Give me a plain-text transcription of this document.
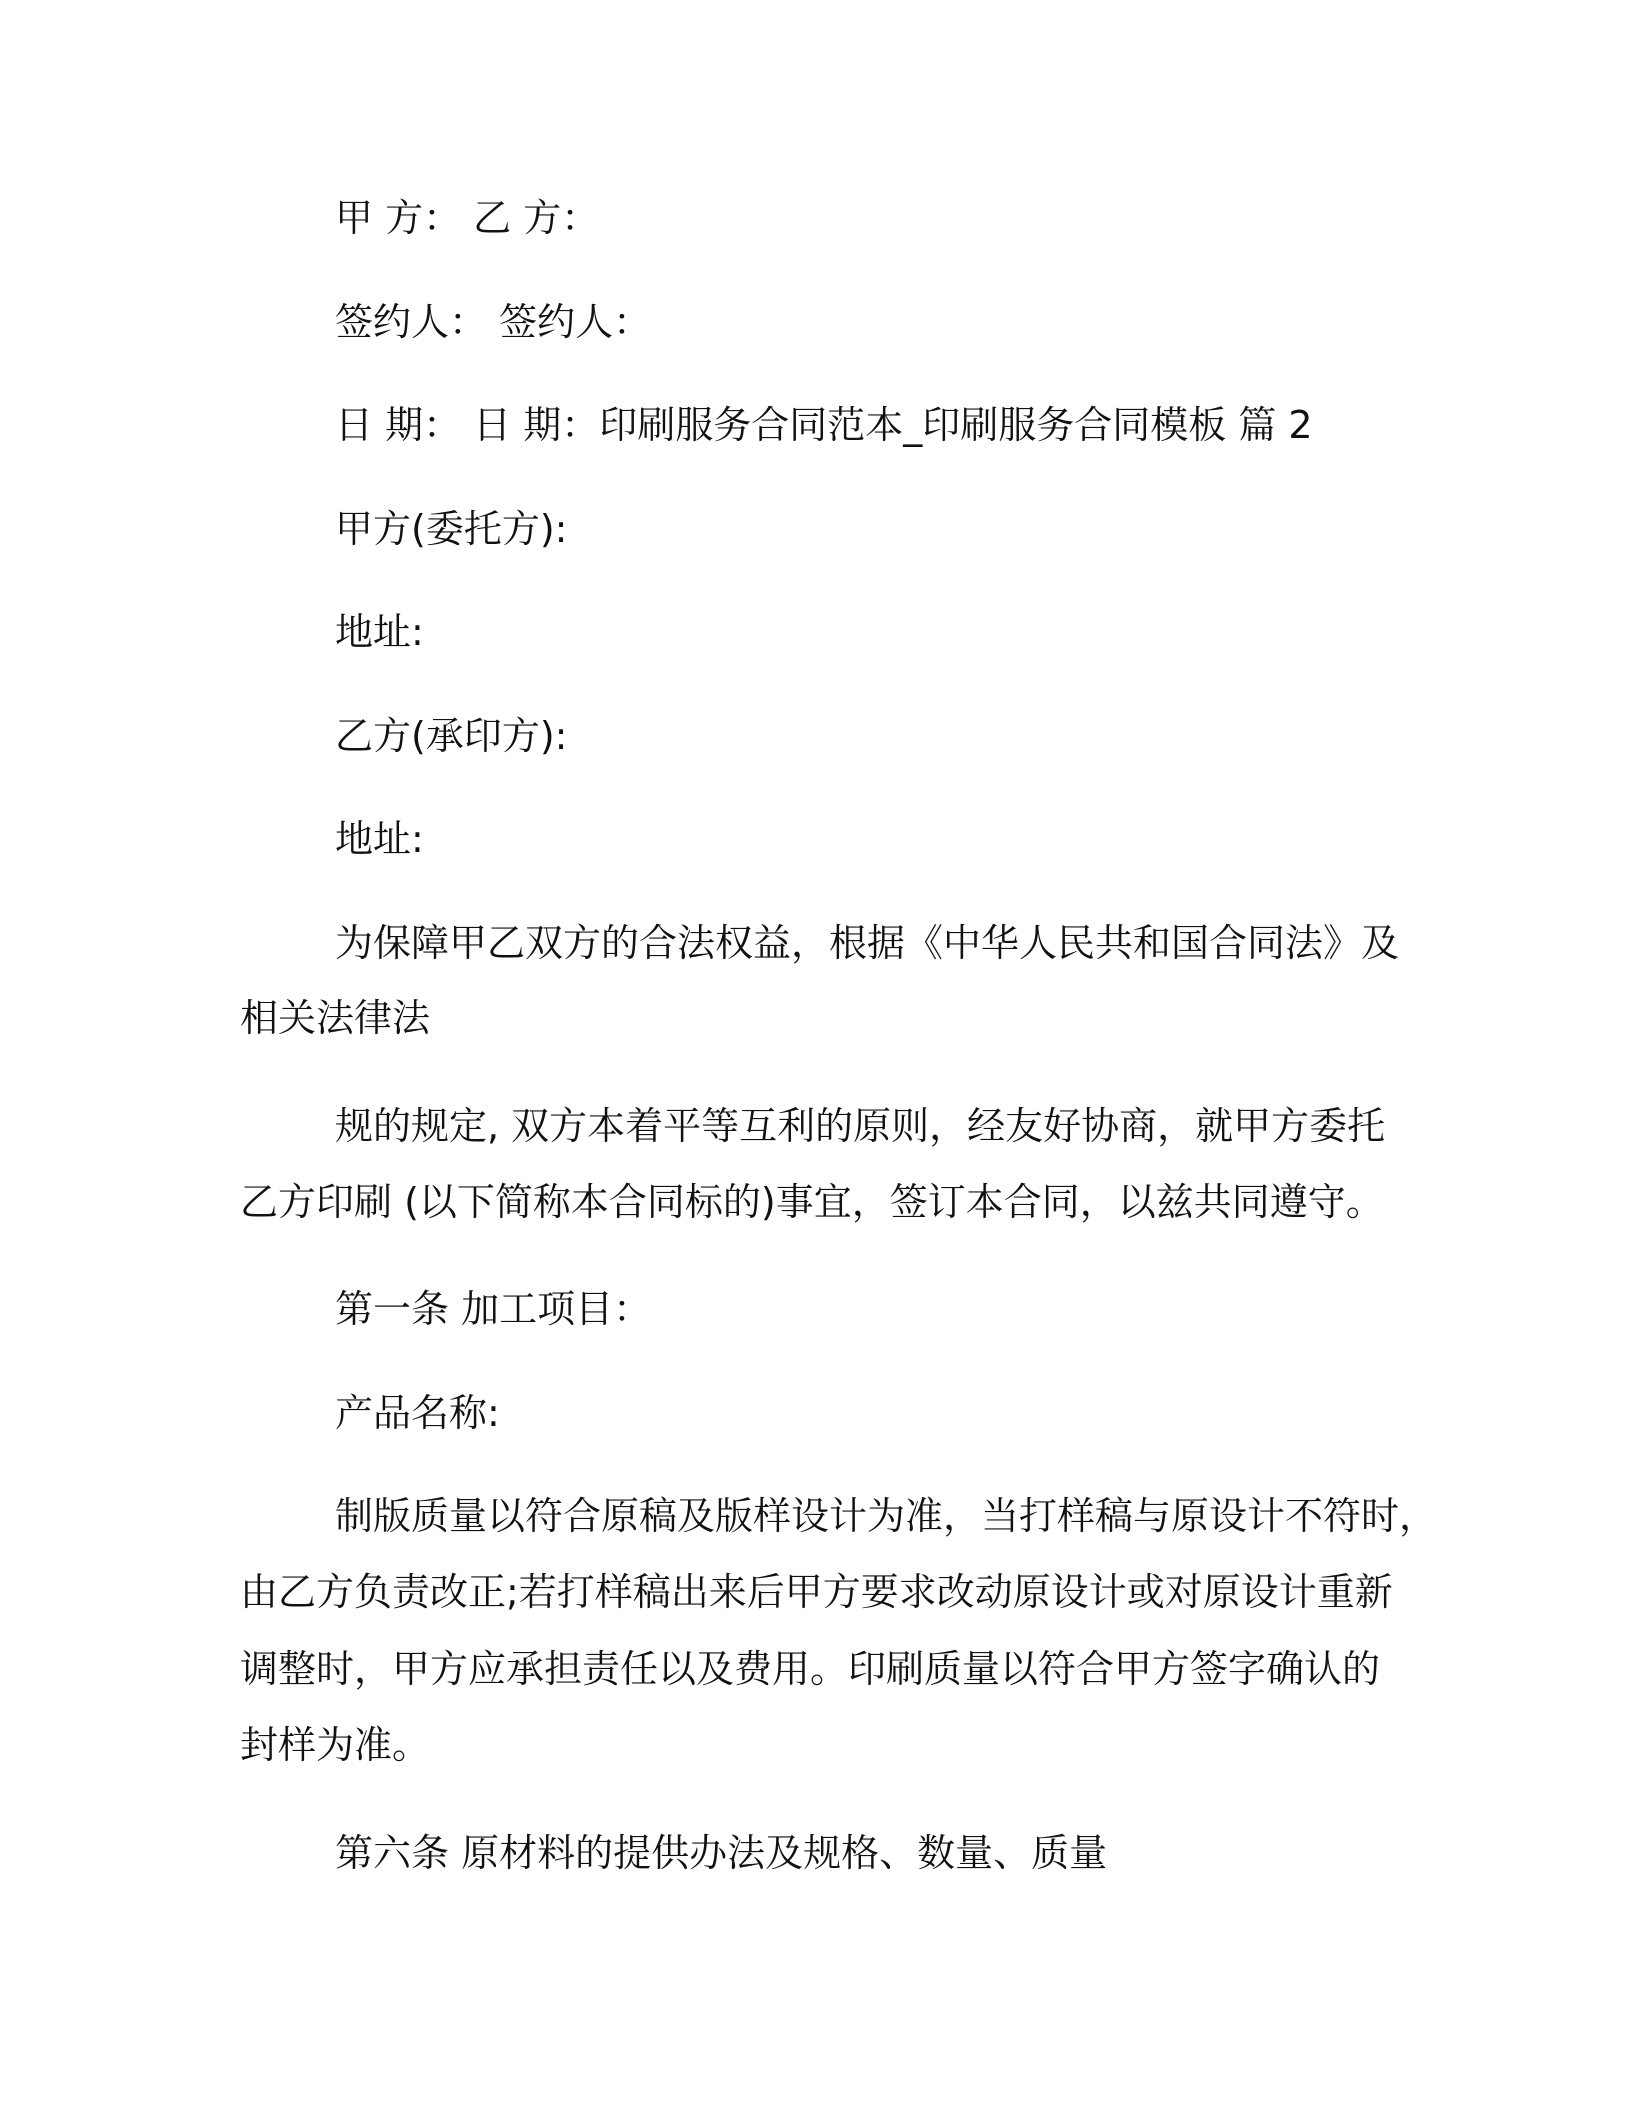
甲 方： 乙 方：
签约人： 签约人：
日 期： 日 期：印刷服务合同范本_印刷服务合同模板 篇 2
甲方(委托方):
地址:
乙方(承印方):
地址:
为保障甲乙双方的合法权益，根据《中华人民共和国合同法》及
相关法律法
规的规定, 双方本着平等互利的原则，经友好协商，就甲方委托
乙方印刷 (以下简称本合同标的)事宜，签订本合同，以兹共同遵守。
第一条 加工项目：
产品名称:
制版质量以符合原稿及版样设计为准，当打样稿与原设计不符时，
由乙方负责改正;若打样稿出来后甲方要求改动原设计或对原设计重新
调整时，甲方应承担责任以及费用。印刷质量以符合甲方签字确认的
封样为准。
第六条 原材料的提供办法及规格、数量、质量
